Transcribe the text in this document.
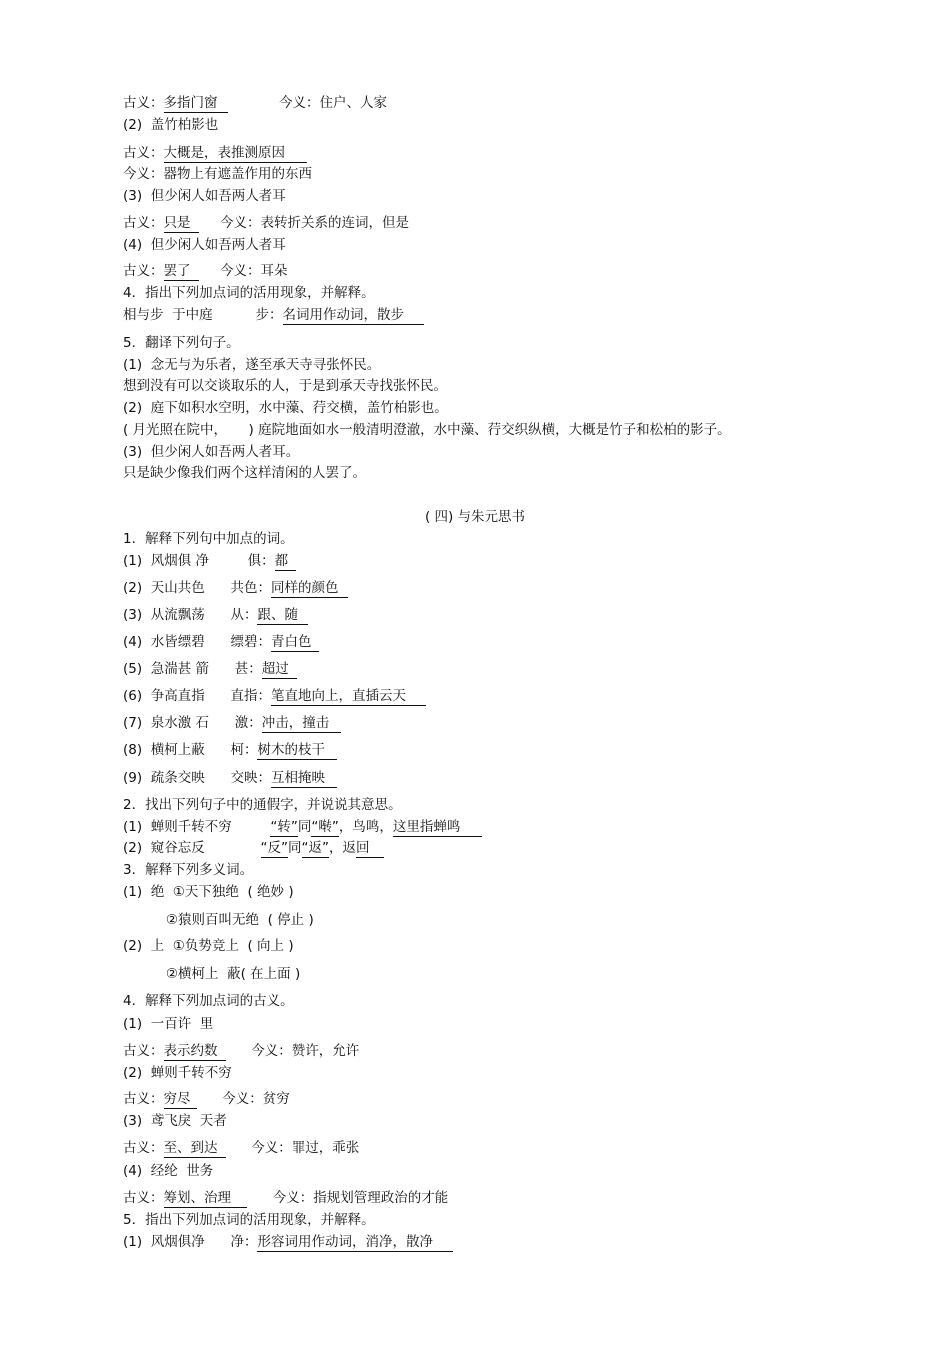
( 四) 与朱元思书
古义：多指门窗            今义：住户、人家
(2)  盖竹柏影也
古义：大概是，表推测原因
今义：器物上有遮盖作用的东西
(3)  但少闲人如吾两人者耳
古义：只是     今义：表转折关系的连词，但是
(4)  但少闲人如吾两人者耳
古义：罢了     今义：耳朵
4．指出下列加点词的活用现象，并解释。
相与步  于中庭          步：名词用作动词，散步
5．翻译下列句子。
(1)  念无与为乐者，遂至承天寺寻张怀民。
想到没有可以交谈取乐的人，于是到承天寺找张怀民。
(2)  庭下如积水空明，水中藻、荇交横，盖竹柏影也。
( 月光照在院中，     ) 庭院地面如水一般清明澄澈，水中藻、荇交织纵横，大概是竹子和松柏的影子。
(3)  但少闲人如吾两人者耳。
只是缺少像我们两个这样清闲的人罢了。
1．解释下列句中加点的词。
(1)  风烟俱 净         俱：都
(2)  天山共色      共色：同样的颜色
(3)  从流飘荡      从：跟、随
(4)  水皆缥碧      缥碧：青白色
(5)  急湍甚 箭      甚：超过
(6)  争高直指      直指：笔直地向上，直插云天
(7)  泉水激 石      激：冲击，撞击
(8)  横柯上蔽      柯：树木的枝干
(9)  疏条交映      交映：互相掩映
2．找出下列句子中的通假字，并说说其意思。
(1)  蝉则千转不穷         “转”同“啭”，鸟鸣，这里指蝉鸣
(2)  窥谷忘反             “反”同“返”，返回
3．解释下列多义词。
(1)  绝  ①天下独绝  ( 绝妙 )
②猿则百叫无绝  ( 停止 )
(2)  上  ①负势竞上  ( 向上 )
②横柯上  蔽( 在上面 )
4．解释下列加点词的古义。
(1)  一百许  里
古义：表示约数      今义：赞许，允许
(2)  蝉则千转不穷
古义：穷尽      今义：贫穷
(3)  鸢飞戾  天者
古义：至、到达      今义：罪过，乖张
(4)  经纶  世务
古义：筹划、治理      今义：指规划管理政治的才能
5．指出下列加点词的活用现象，并解释。
(1)  风烟俱净      净：形容词用作动词，消净，散净
